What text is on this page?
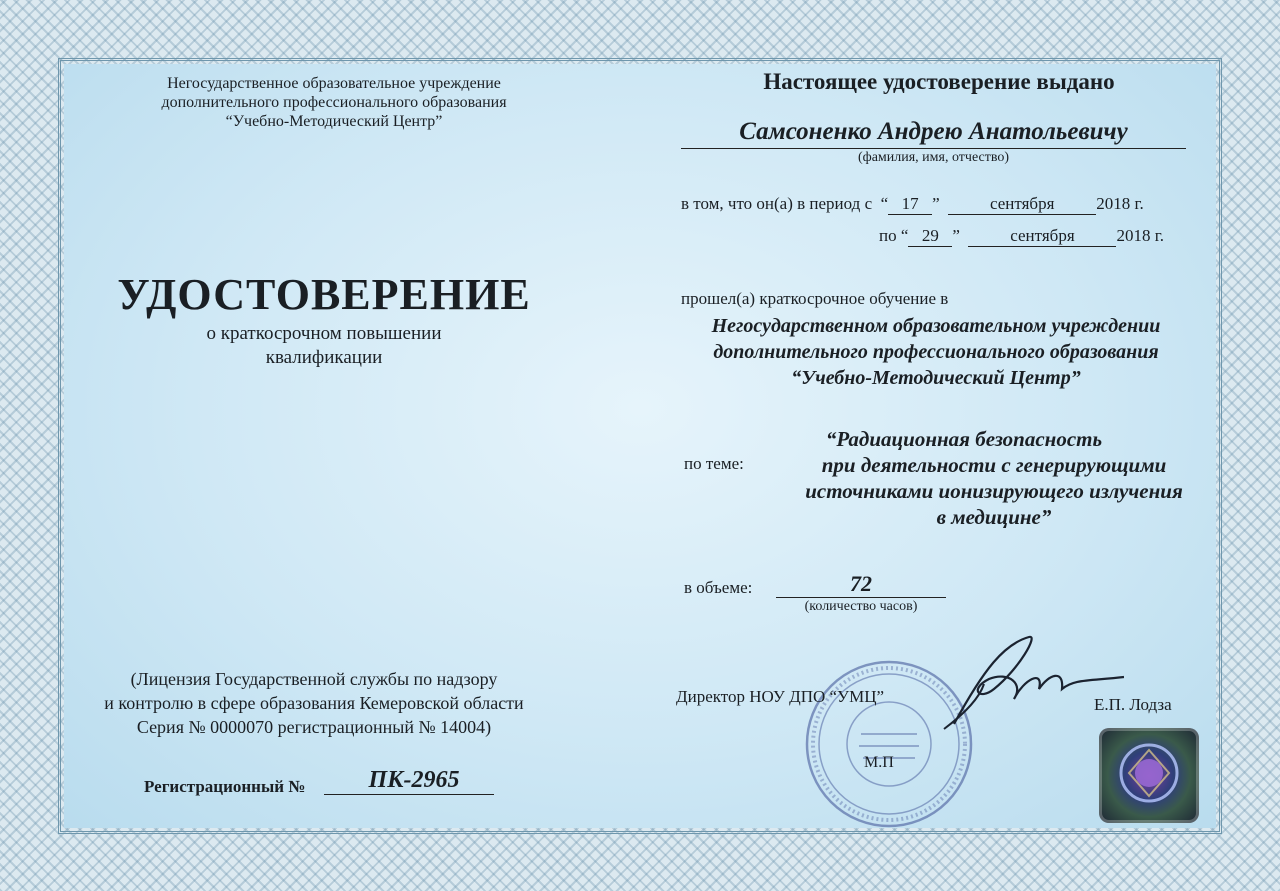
Негосударственное образовательное учреждение
дополнительного профессионального образования
“Учебно-Методический Центр”
УДОСТОВЕРЕНИЕ
о краткосрочном повышении
квалификации
(Лицензия Государственной службы по надзору
и контролю в сфере образования Кемеровской области
Серия № 0000070 регистрационный № 14004)
Регистрационный №	ПК-2965
Настоящее удостоверение выдано
Самсоненко Андрею Анатольевичу
(фамилия, имя, отчество)
в том, что он(а) в период с  “ 17 ”	сентября 2018 г.
по “ 29 ”	сентября 2018 г.
прошел(а) краткосрочное обучение в
Негосударственном образовательном учреждении
дополнительного профессионального образования
“Учебно-Методический Центр”
по теме:
“Радиационная безопасность
при деятельности с генерирующими
источниками ионизирующего излучения
в медицине”
в объеме:	72
(количество часов)
Директор НОУ ДПО “УМЦ”	Е.П. Лодза
М.П
